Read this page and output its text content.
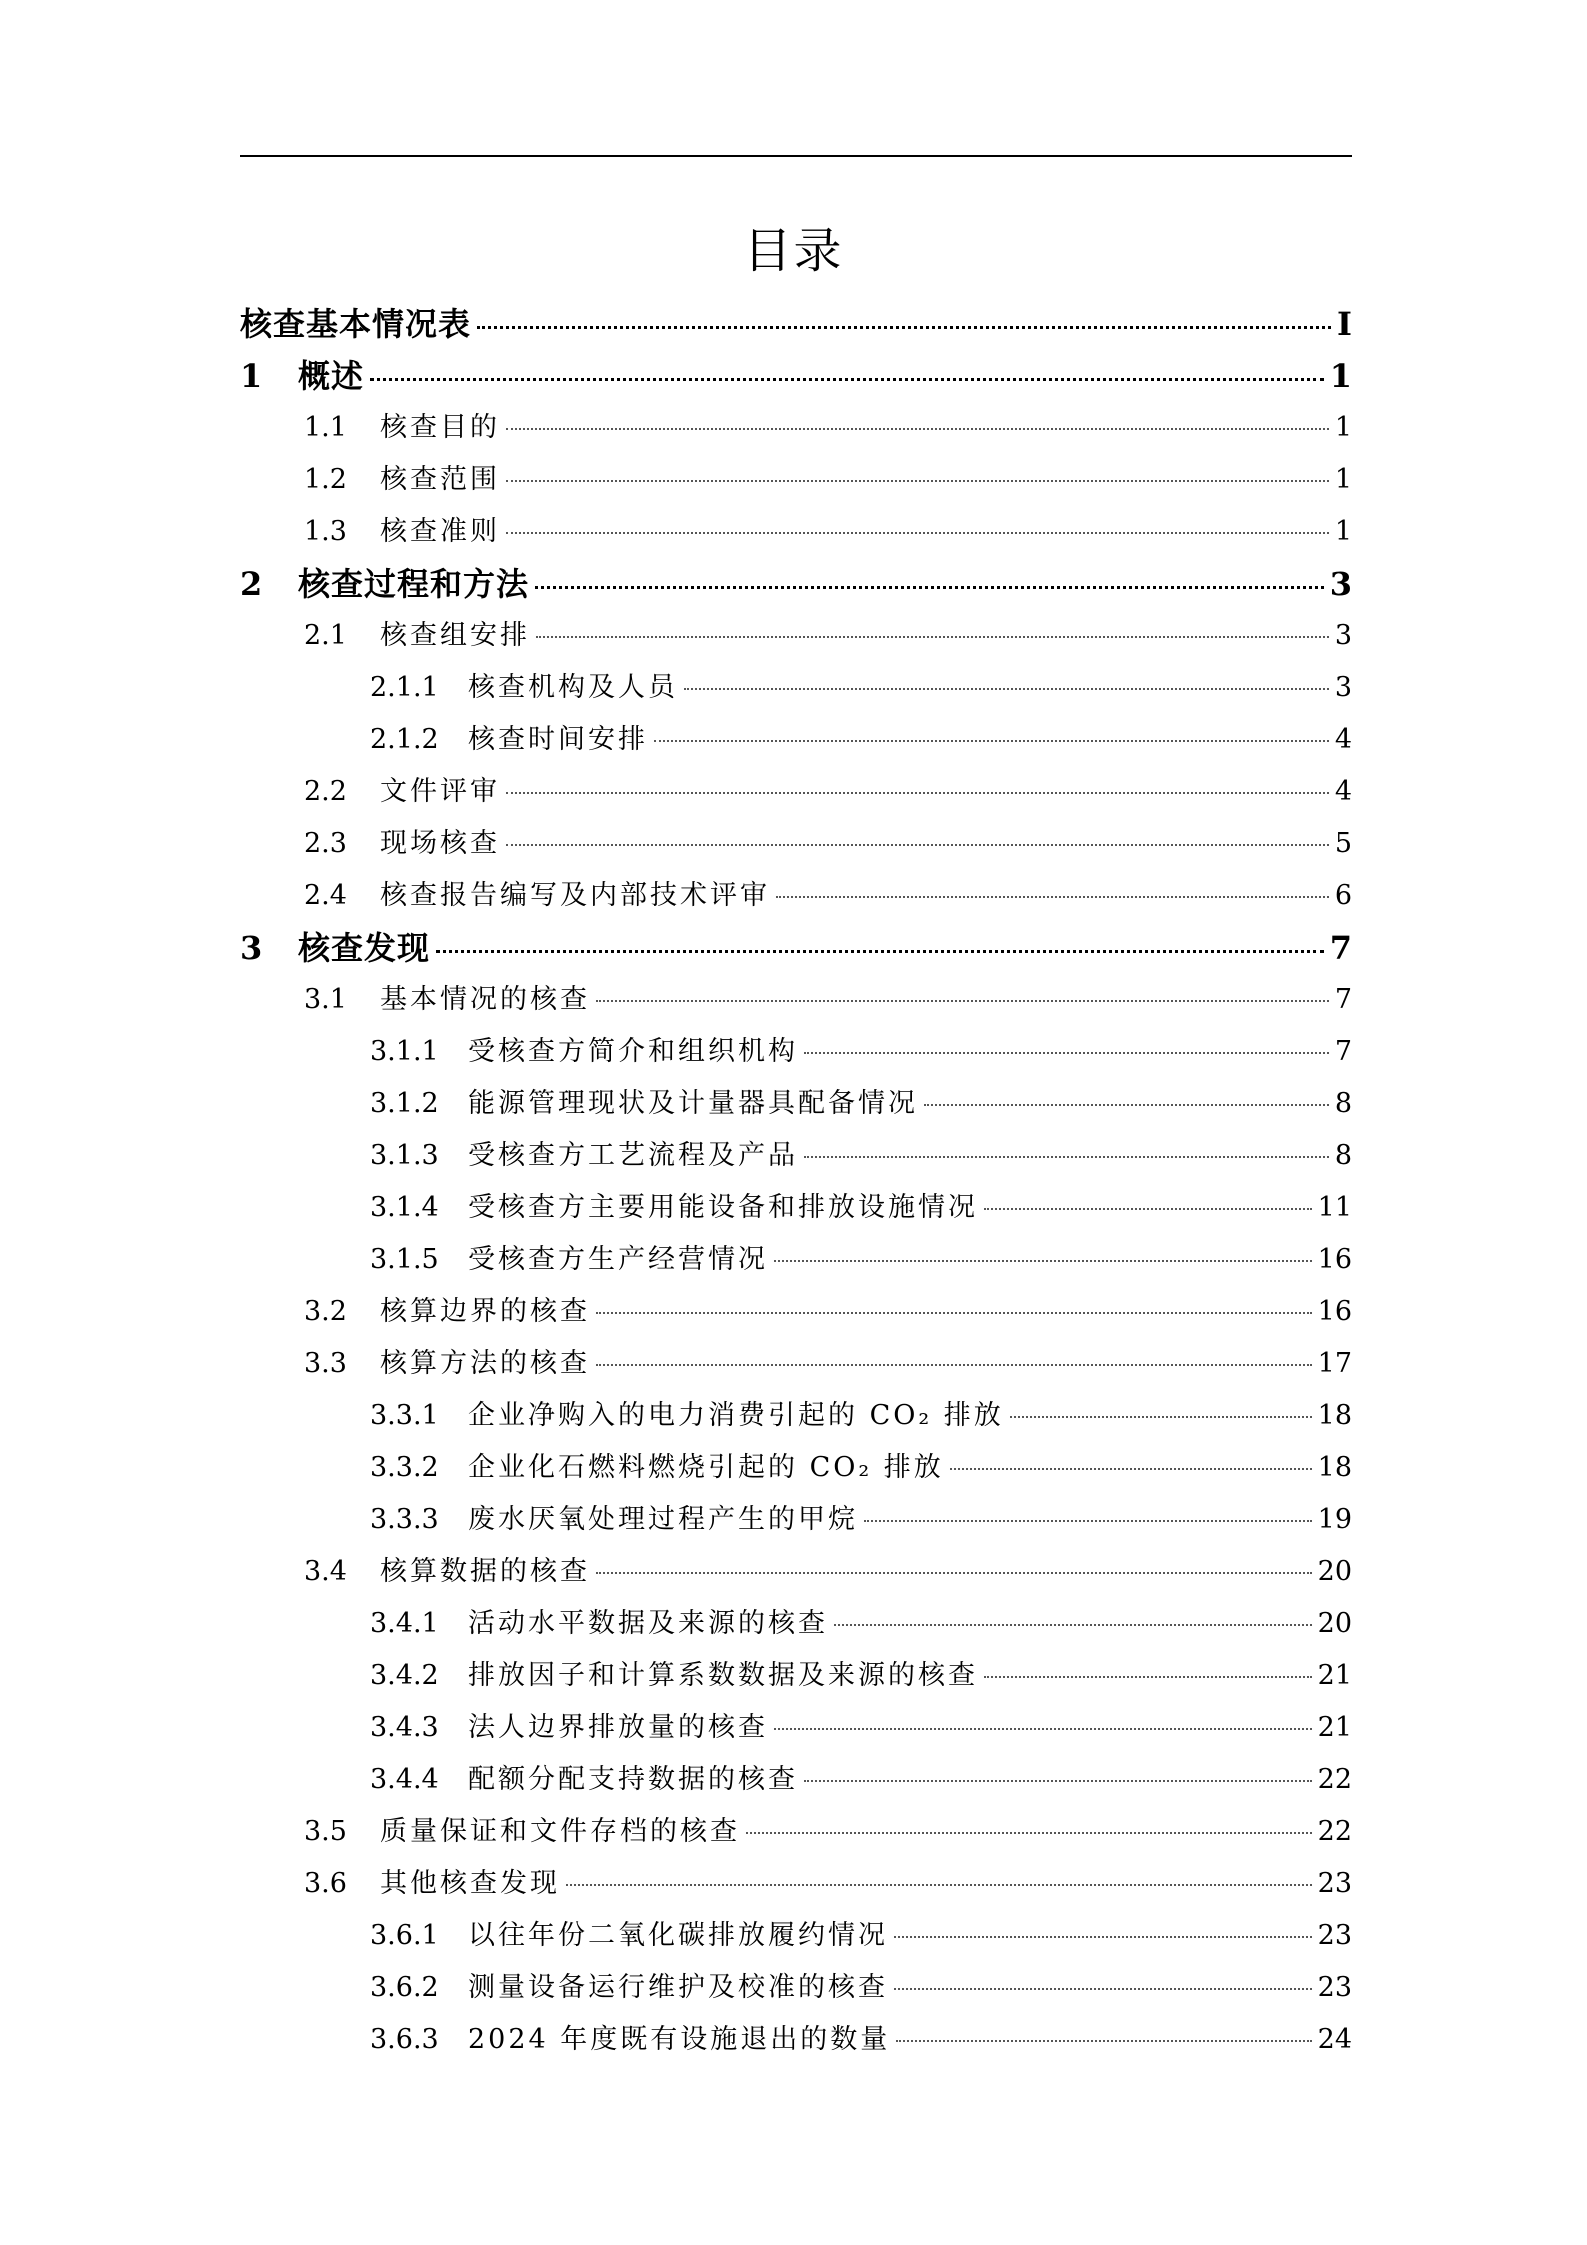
目录
核查基本情况表	I
1	概述	1
1.1	核查目的	1
1.2	核查范围	1
1.3	核查准则	1
2	核查过程和方法	3
2.1	核查组安排	3
2.1.1	核查机构及人员	3
2.1.2	核查时间安排	4
2.2	文件评审	4
2.3	现场核查	5
2.4	核查报告编写及内部技术评审	6
3	核查发现	7
3.1	基本情况的核查	7
3.1.1	受核查方简介和组织机构	7
3.1.2	能源管理现状及计量器具配备情况	8
3.1.3	受核查方工艺流程及产品	8
3.1.4	受核查方主要用能设备和排放设施情况	11
3.1.5	受核查方生产经营情况	16
3.2	核算边界的核查	16
3.3	核算方法的核查	17
3.3.1	企业净购入的电力消费引起的 CO₂ 排放	18
3.3.2	企业化石燃料燃烧引起的 CO₂ 排放	18
3.3.3	废水厌氧处理过程产生的甲烷	19
3.4	核算数据的核查	20
3.4.1	活动水平数据及来源的核查	20
3.4.2	排放因子和计算系数数据及来源的核查	21
3.4.3	法人边界排放量的核查	21
3.4.4	配额分配支持数据的核查	22
3.5	质量保证和文件存档的核查	22
3.6	其他核查发现	23
3.6.1	以往年份二氧化碳排放履约情况	23
3.6.2	测量设备运行维护及校准的核查	23
3.6.3	2024 年度既有设施退出的数量	24
